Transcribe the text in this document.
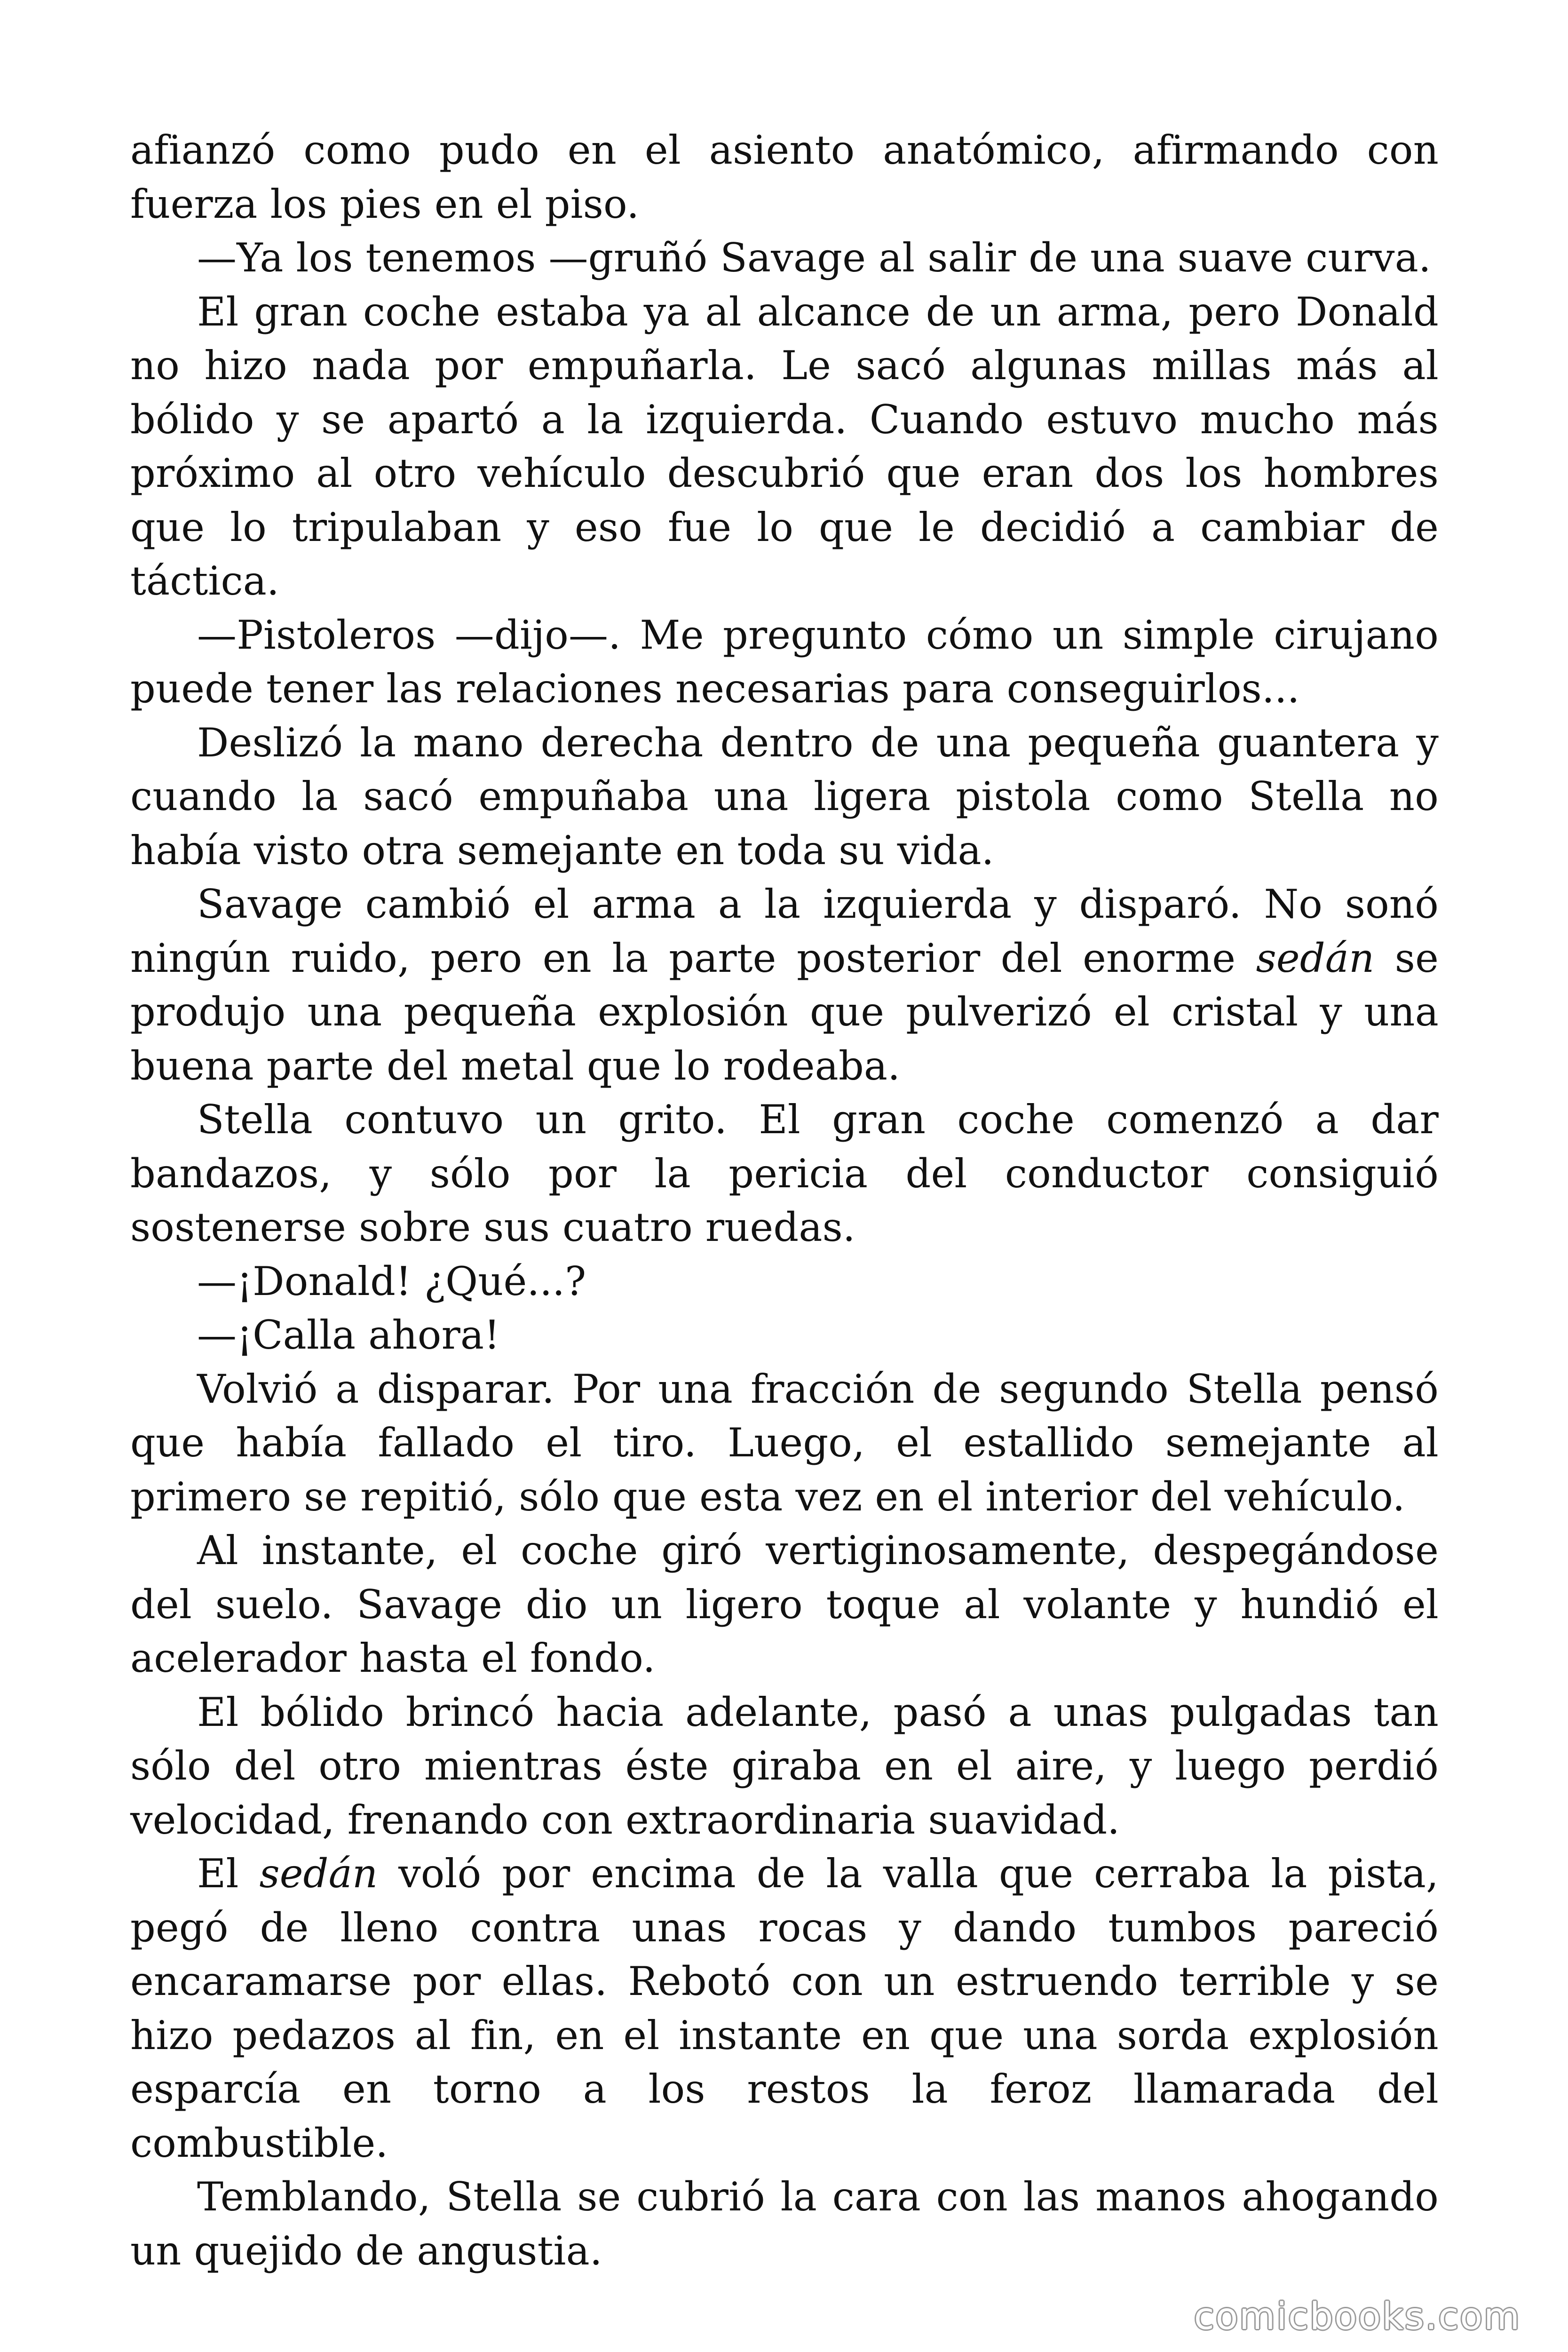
afianzó como pudo en el asiento anatómico, afirmando con fuerza los pies en el piso.

—Ya los tenemos —gruñó Savage al salir de una suave curva.

El gran coche estaba ya al alcance de un arma, pero Donald no hizo nada por empuñarla. Le sacó algunas millas más al bólido y se apartó a la izquierda. Cuando estuvo mucho más próximo al otro vehículo descubrió que eran dos los hombres que lo tripulaban y eso fue lo que le decidió a cambiar de táctica.

—Pistoleros —dijo—. Me pregunto cómo un simple cirujano puede tener las relaciones necesarias para conseguirlos...

Deslizó la mano derecha dentro de una pequeña guantera y cuando la sacó empuñaba una ligera pistola como Stella no había visto otra semejante en toda su vida.

Savage cambió el arma a la izquierda y disparó. No sonó ningún ruido, pero en la parte posterior del enorme sedán se produjo una pequeña explosión que pulverizó el cristal y una buena parte del metal que lo rodeaba.

Stella contuvo un grito. El gran coche comenzó a dar bandazos, y sólo por la pericia del conductor consiguió sostenerse sobre sus cuatro ruedas.

—¡Donald! ¿Qué...?

—¡Calla ahora!

Volvió a disparar. Por una fracción de segundo Stella pensó que había fallado el tiro. Luego, el estallido semejante al primero se repitió, sólo que esta vez en el interior del vehículo.

Al instante, el coche giró vertiginosamente, despegándose del suelo. Savage dio un ligero toque al volante y hundió el acelerador hasta el fondo.

El bólido brincó hacia adelante, pasó a unas pulgadas tan sólo del otro mientras éste giraba en el aire, y luego perdió velocidad, frenando con extraordinaria suavidad.

El sedán voló por encima de la valla que cerraba la pista, pegó de lleno contra unas rocas y dando tumbos pareció encaramarse por ellas. Rebotó con un estruendo terrible y se hizo pedazos al fin, en el instante en que una sorda explosión esparcía en torno a los restos la feroz llamarada del combustible.

Temblando, Stella se cubrió la cara con las manos ahogando un quejido de angustia.

comicbooks.com
